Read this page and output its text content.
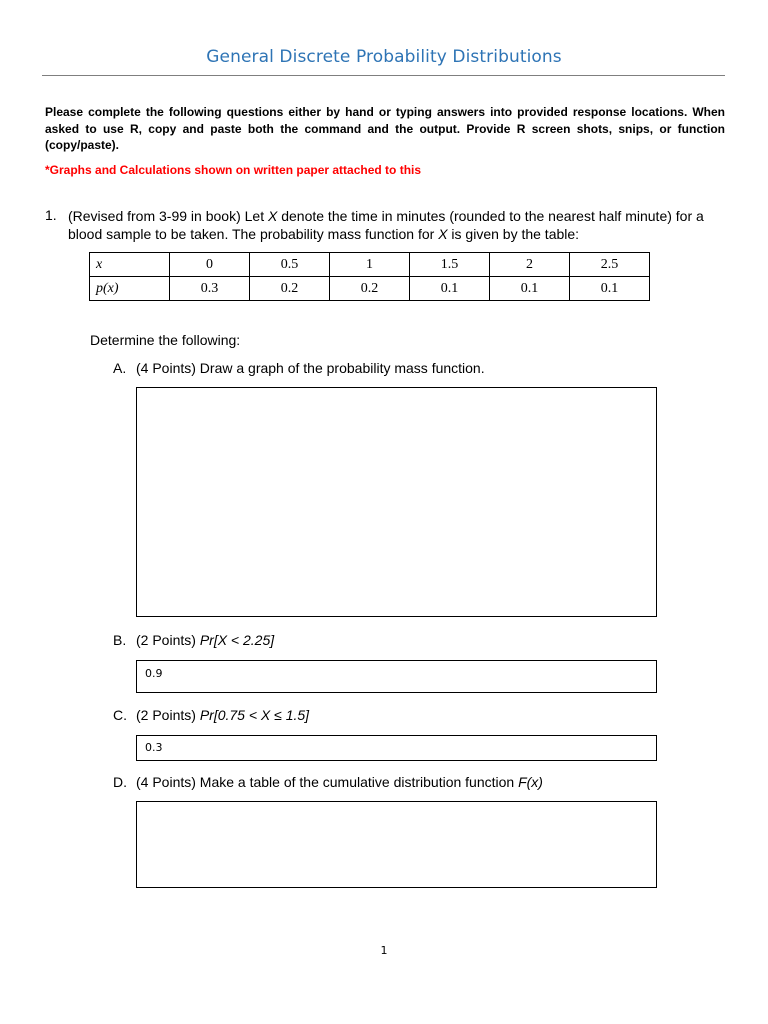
General Discrete Probability Distributions
Please complete the following questions either by hand or typing answers into provided response locations. When asked to use R, copy and paste both the command and the output. Provide R screen shots, snips, or function (copy/paste).
*Graphs and Calculations shown on written paper attached to this
1. (Revised from 3-99 in book) Let X denote the time in minutes (rounded to the nearest half minute) for a blood sample to be taken. The probability mass function for X is given by the table:
x	0	0.5	1	1.5	2	2.5
p(x)	0.3	0.2	0.2	0.1	0.1	0.1
Determine the following:
A. (4 Points) Draw a graph of the probability mass function.
B. (2 Points) Pr[X < 2.25]
0.9
C. (2 Points) Pr[0.75 < X ≤ 1.5]
0.3
D. (4 Points) Make a table of the cumulative distribution function F(x)
1
